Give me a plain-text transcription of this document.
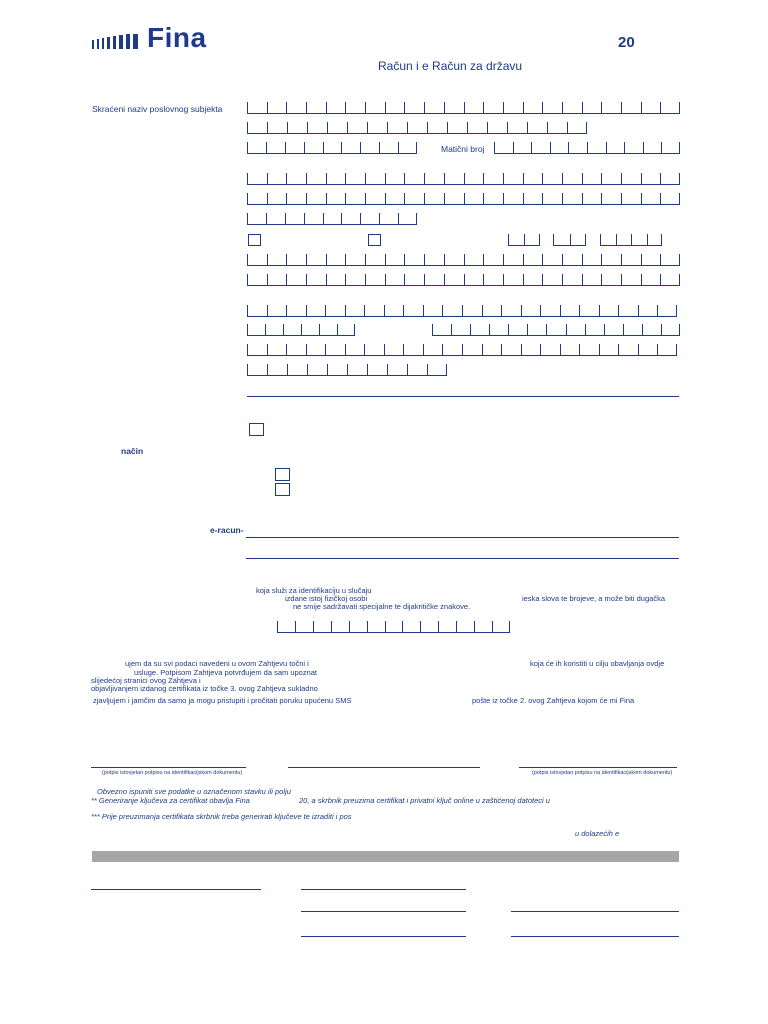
Fina	20
Račun i e Račun za državu
Skraćeni naziv poslovnog subjekta
Matični broj
način
e-racun-
koja služi za identifikaciju u slučaju
izdane istoj fizičkoj osobi
ne smije sadržavati specijalne te dijakritičke znakove.
ieska slova te brojeve, a može biti dugačka
ujem da su svi podaci navedeni u ovom Zahtjevu točni i	koja će ih koristiti u cilju obavljanja ovdje
usluge. Potpisom Zahtjeva potvrđujem da sam upoznat
slijedećoj stranici ovog Zahtjeva i
objavljivanjem izdanog certifikata iz točke 3. ovog Zahtjeva sukladno
zjavljujem i jamčim da samo ja mogu pristupiti i pročitati poruku upućenu SMS	pošte iz točke 2. ovog Zahtjeva kojom će mi Fina
(potpis istovjetan potpisu na identifikacijskom dokumentu)	(potpis istovjetan potpisu na identifikacijskom dokumentu)
Obvezno ispuniti sve podatke u označenom stavku ili polju
** Generiranje ključeva za certifikat obavlja Fina	20, a skrbnik preuzima certifikat i privatni ključ online u zaštićenoj datoteci u
*** Prije preuzimanja certifikata skrbnik treba generirati ključeve te izraditi i pos
u dolazećih e
